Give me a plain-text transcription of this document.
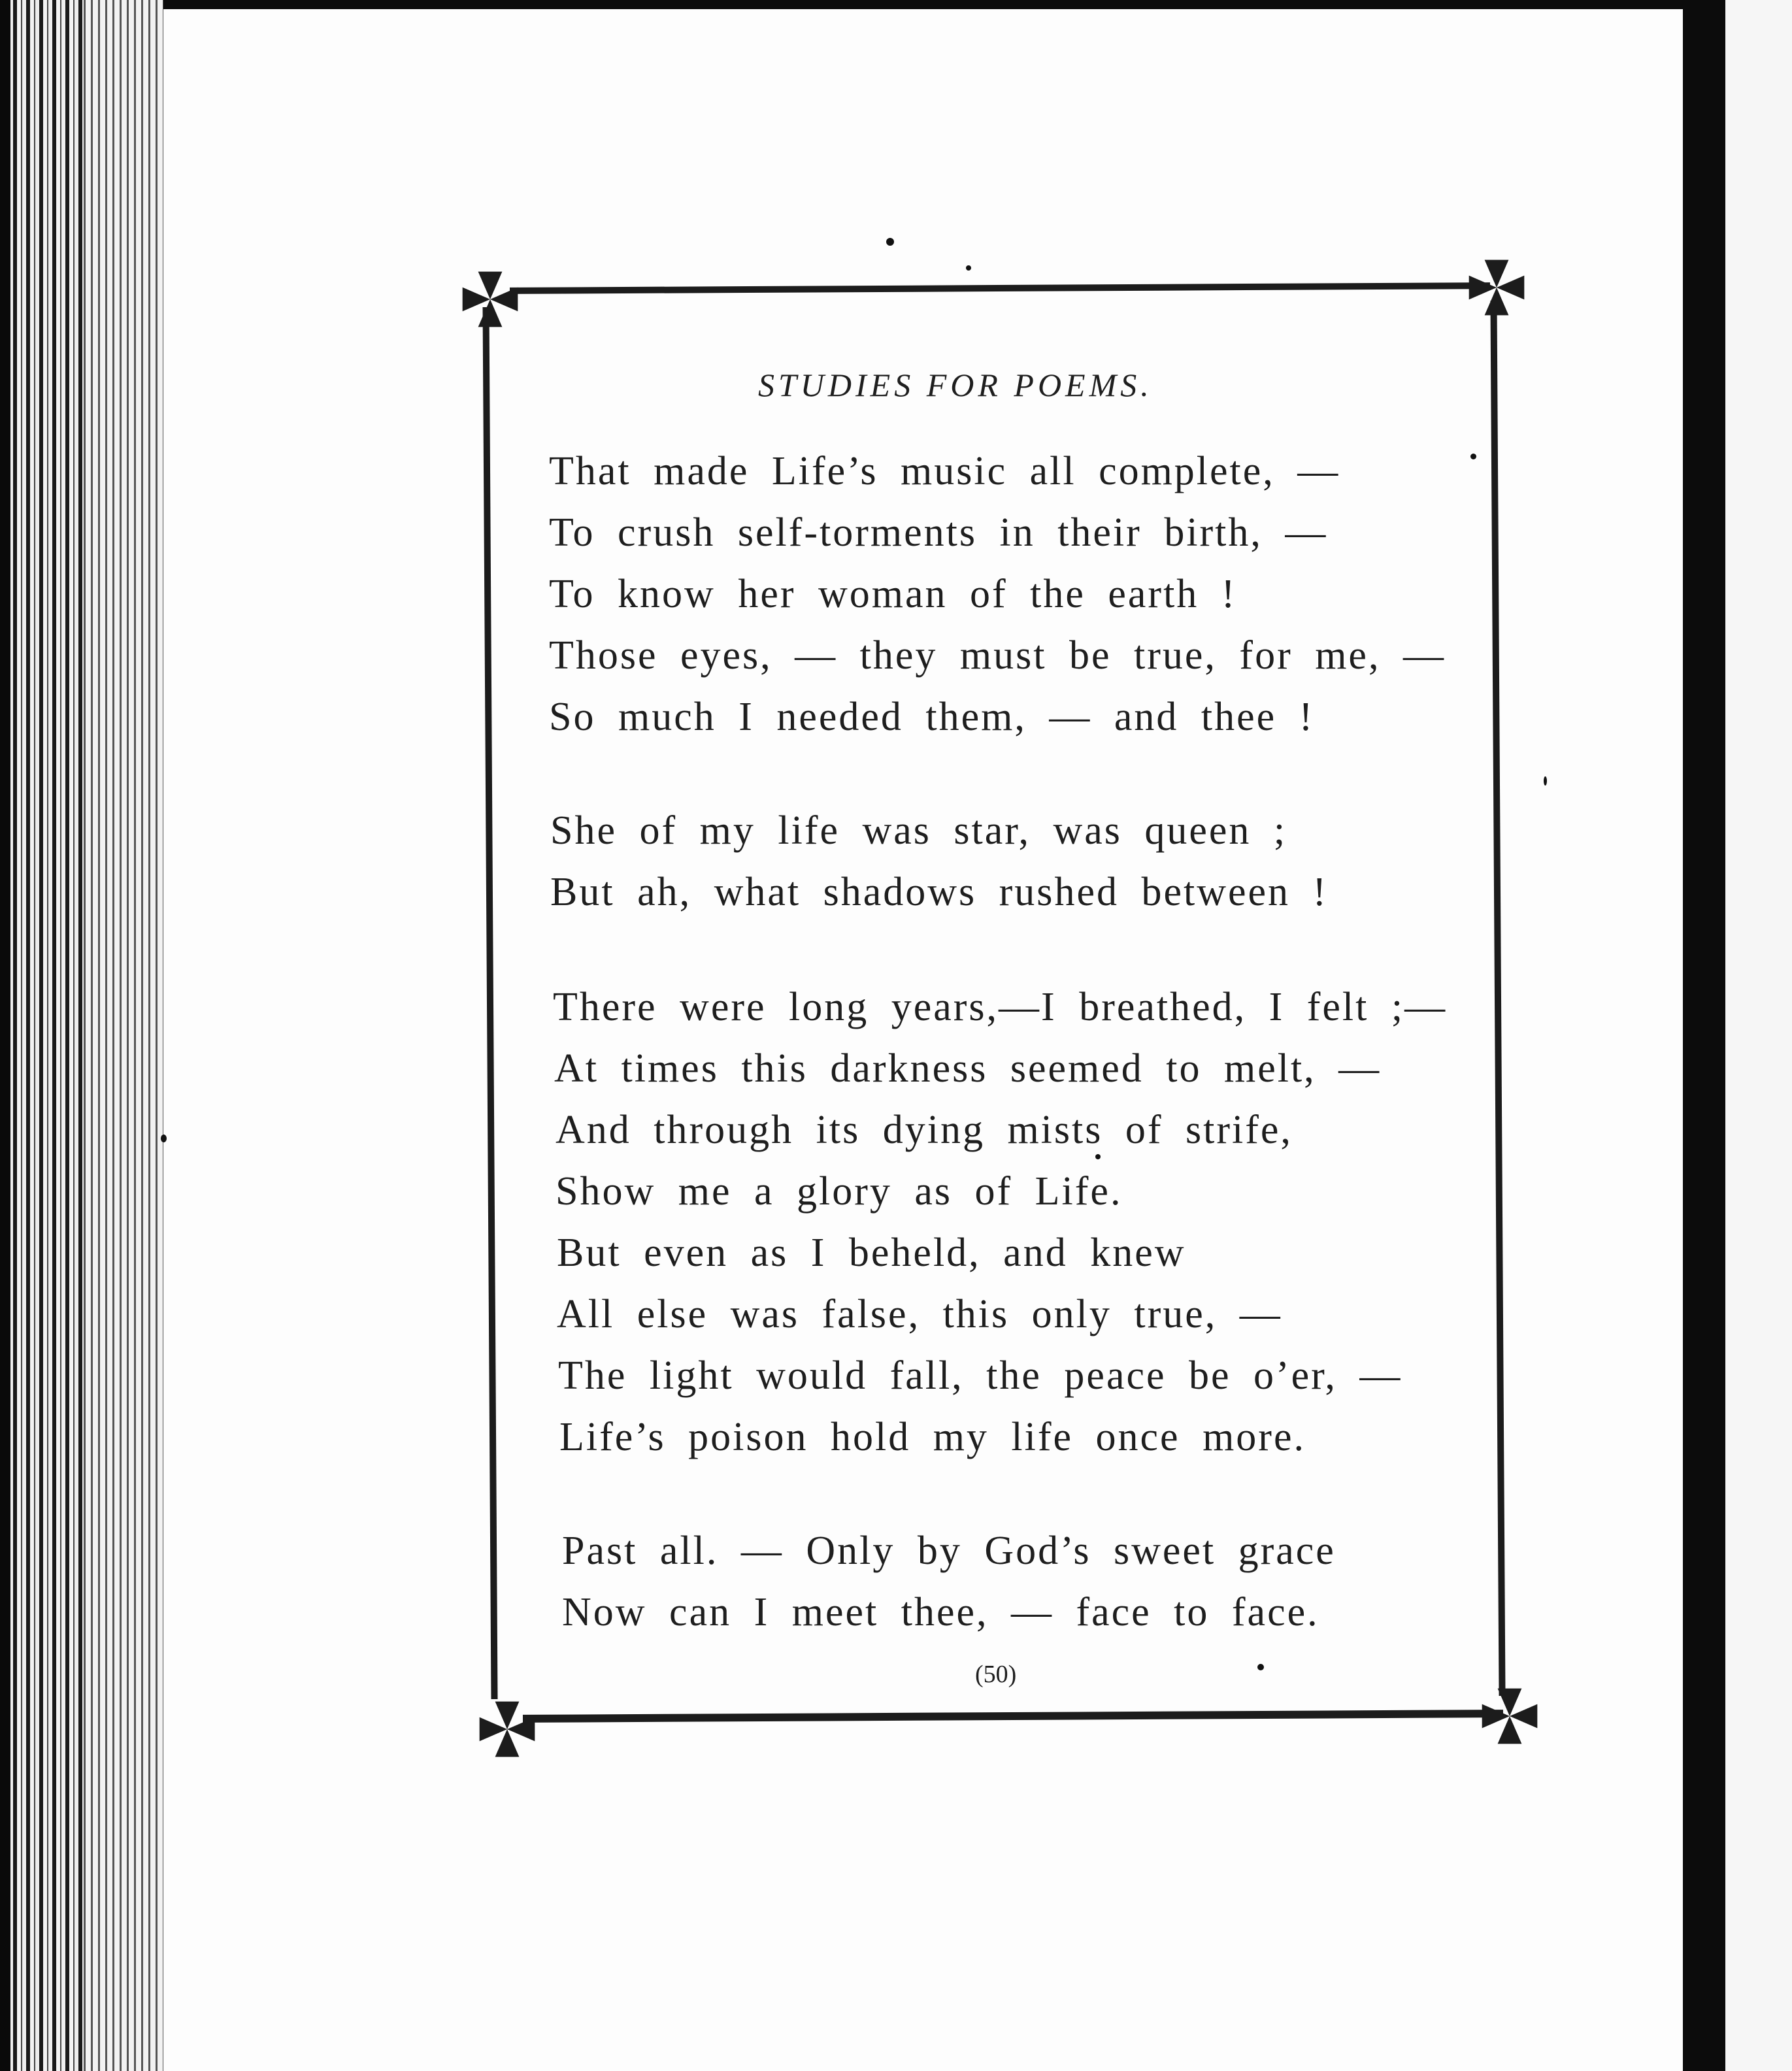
STUDIES FOR POEMS.
That made Life’s music all complete, —
To crush self-torments in their birth, —
To know her woman of the earth !
Those eyes, — they must be true, for me, —
So much I needed them, — and thee !
She of my life was star, was queen ;
But ah, what shadows rushed between !
There were long years,—I breathed, I felt ;—
At times this darkness seemed to melt, —
And through its dying mists of strife,
Show me a glory as of Life.
But even as I beheld, and knew
All else was false, this only true, —
The light would fall, the peace be o’er, —
Life’s poison hold my life once more.
Past all. — Only by God’s sweet grace
Now can I meet thee, — face to face.
(50)
